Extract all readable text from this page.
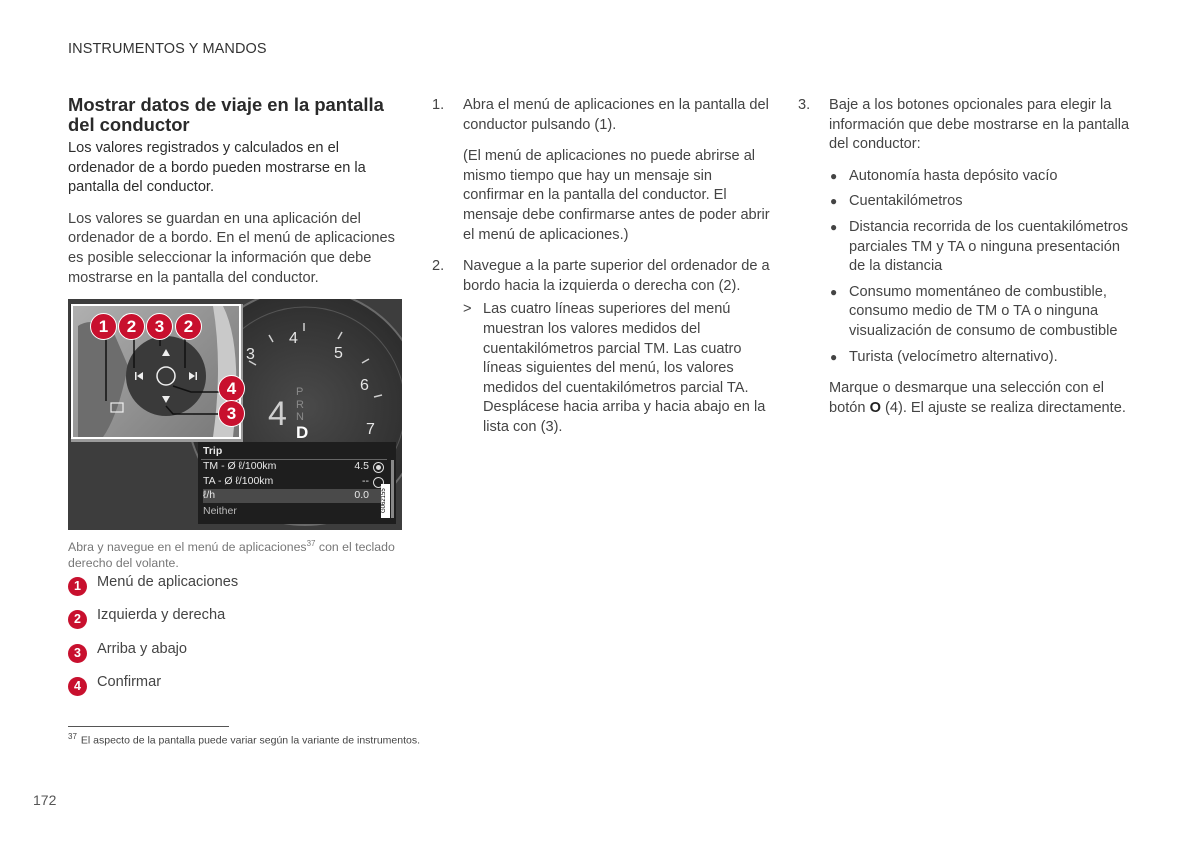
INSTRUMENTOS Y MANDOS
Mostrar datos de viaje en la pantalla del conductor

Los valores registrados y calculados en el ordenador de a bordo pueden mostrarse en la pantalla del conductor.

Los valores se guardan en una aplicación del ordenador de a bordo. En el menú de aplicaciones es posible seleccionar la información que debe mostrarse en la pantalla del conductor.

1	2	3	2
4
3
3
4
5
6
7
4
P
R
N
D
Trip
TM - Ø ℓ/100km	4.5
TA - Ø ℓ/100km	--
ℓ/h	0.0
Neither	G062155
Abra y navegue en el menú de aplicaciones$^{37}$ con el teclado derecho del volante.
1	Menú de aplicaciones
2	Izquierda y derecha
3	Arriba y abajo
4	Confirmar
$^{37}$ El aspecto de la pantalla puede variar según la variante de instrumentos.
172
1. Abra el menú de aplicaciones en la pantalla del conductor pulsando (1).

(El menú de aplicaciones no puede abrirse al mismo tiempo que hay un mensaje sin confirmar en la pantalla del conductor. El mensaje debe confirmarse antes de poder abrir el menú de aplicaciones.)

2. Navegue a la parte superior del ordenador de a bordo hacia la izquierda o derecha con (2).

> Las cuatro líneas superiores del menú muestran los valores medidos del cuentakilómetros parcial TM. Las cuatro líneas siguientes del menú, los valores medidos del cuentakilómetros parcial TA. Desplácese hacia arriba y hacia abajo en la lista con (3).

3. Baje a los botones opcionales para elegir la información que debe mostrarse en la pantalla del conductor:

● Autonomía hasta depósito vacío
● Cuentakilómetros
● Distancia recorrida de los cuentakilómetros parciales TM y TA o ninguna presentación de la distancia
● Consumo momentáneo de combustible, consumo medio de TM o TA o ninguna visualización de consumo de combustible
● Turista (velocímetro alternativo).

Marque o desmarque una selección con el botón O (4). El ajuste se realiza directamente.
